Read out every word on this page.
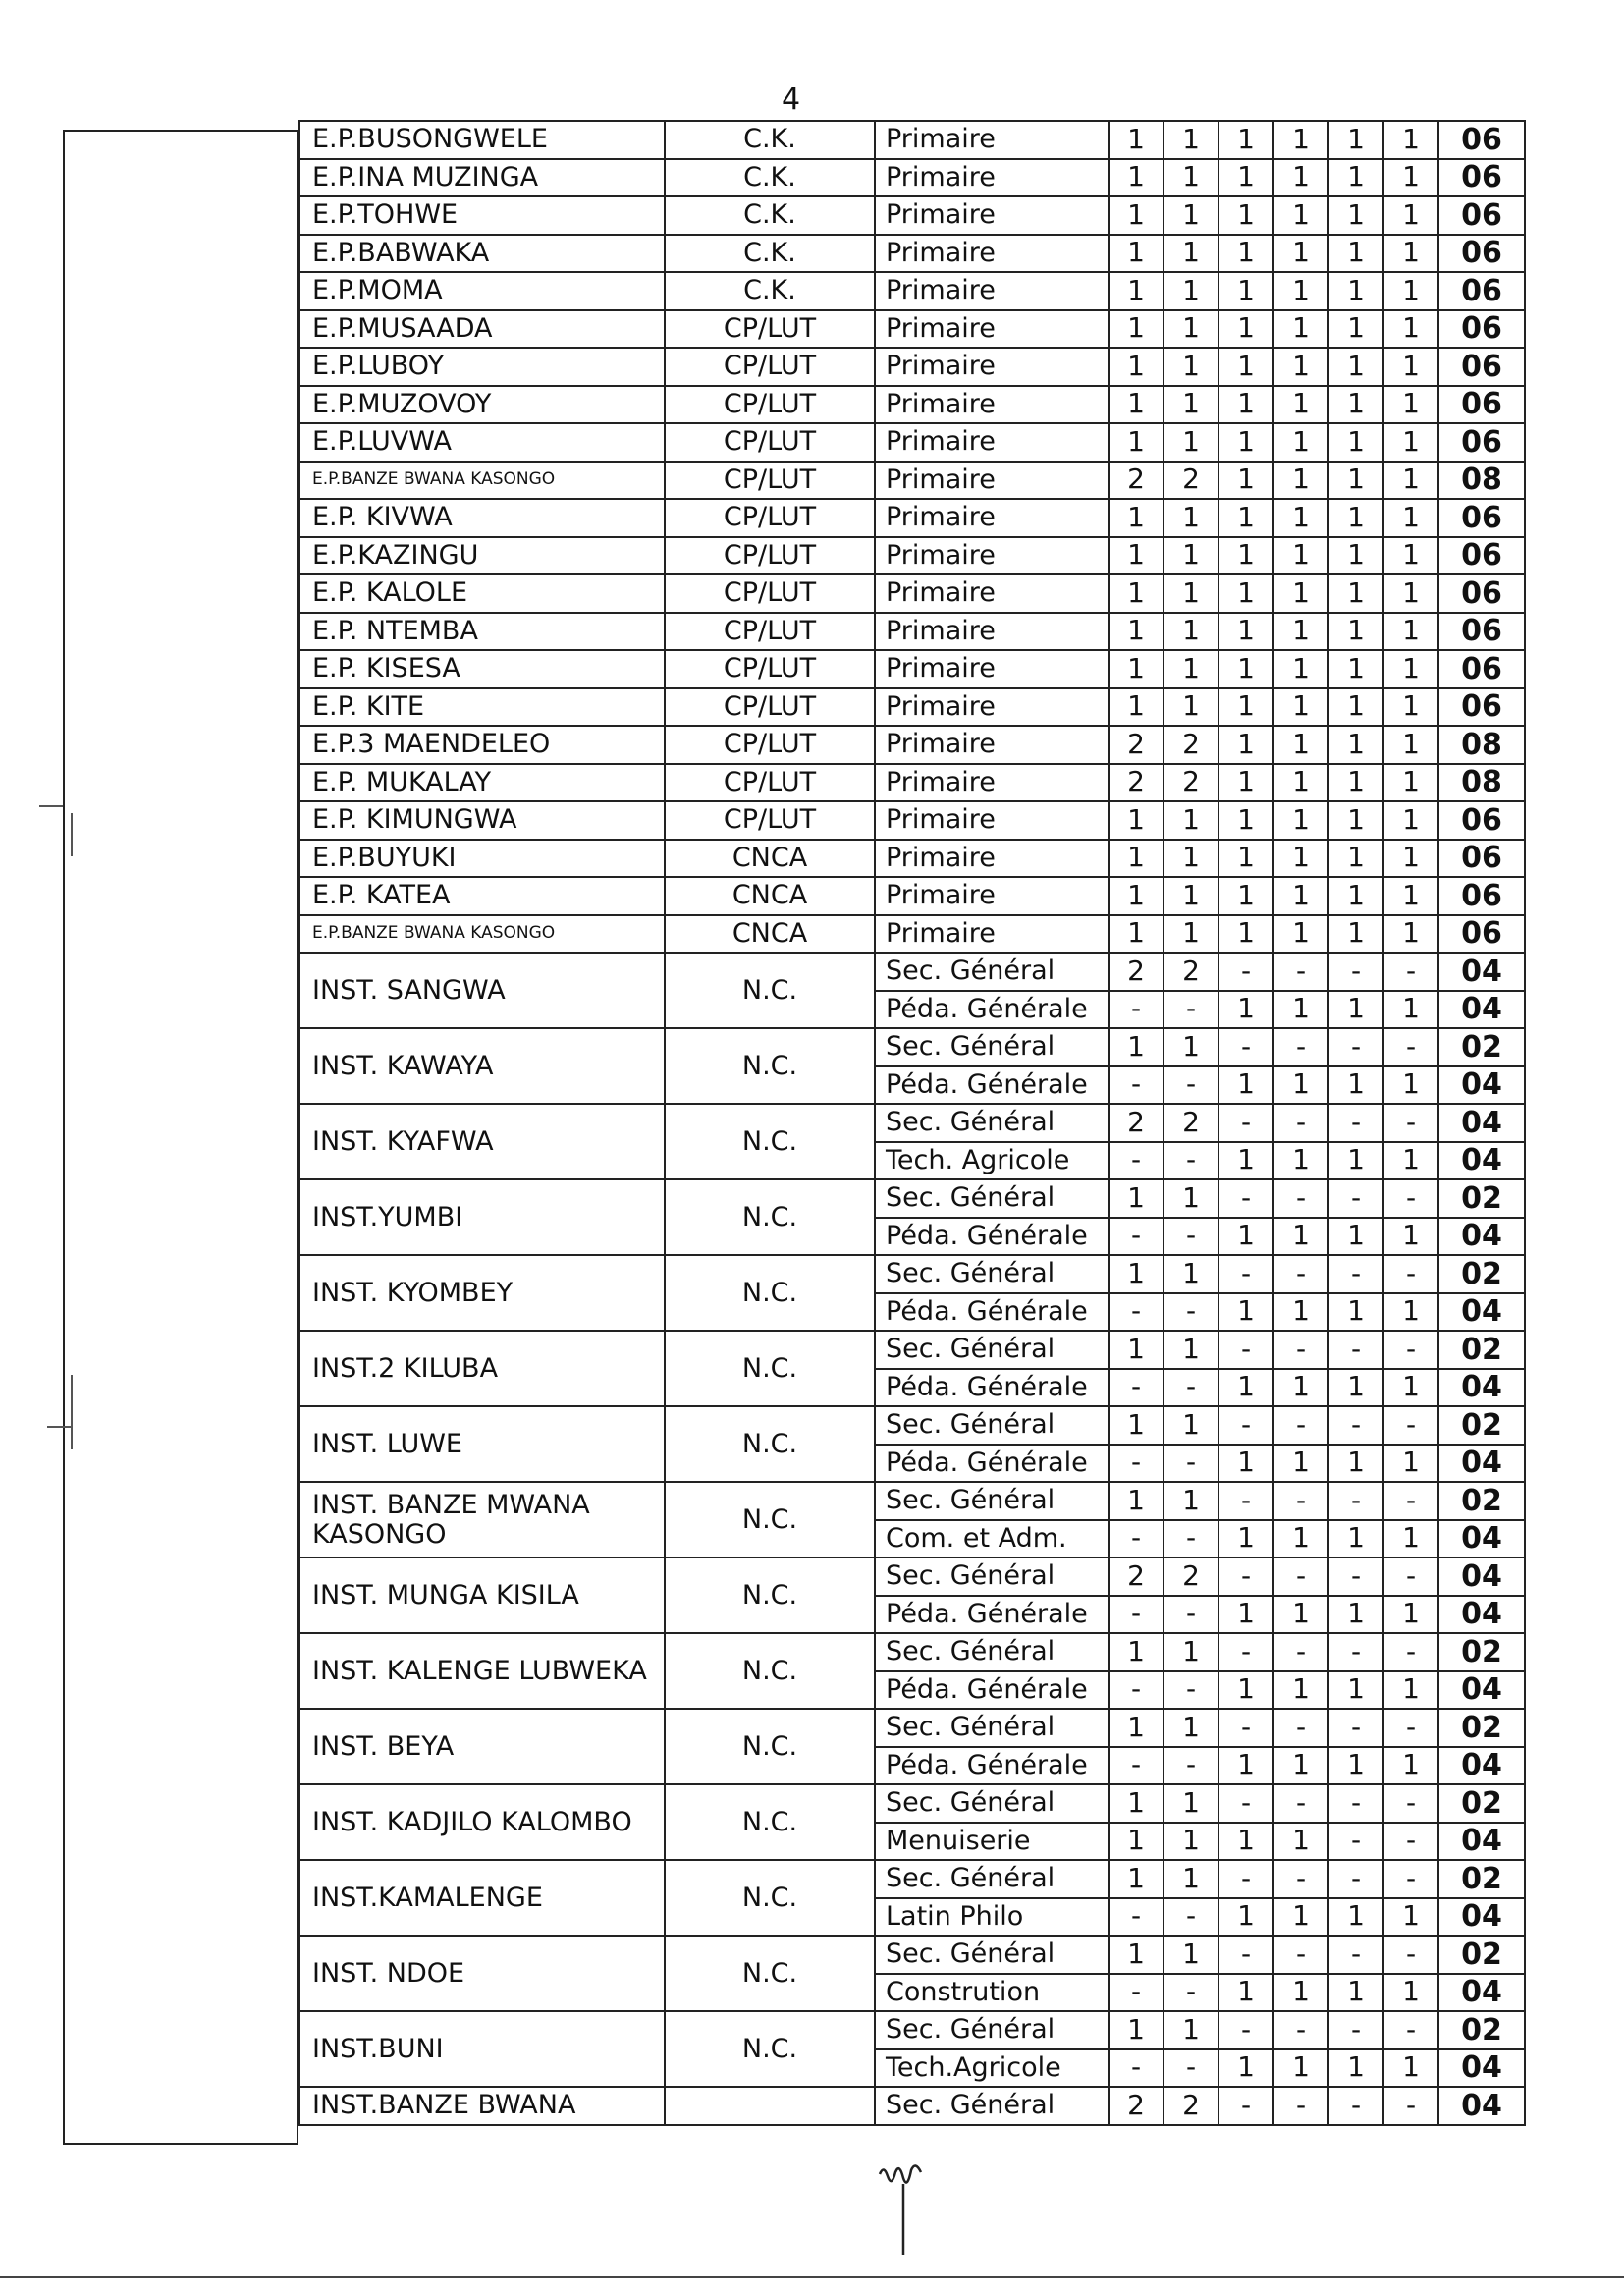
4
E.P.BUSONGWELE	C.K.	Primaire	1	1	1	1	1	1	06
E.P.INA MUZINGA	C.K.	Primaire	1	1	1	1	1	1	06
E.P.TOHWE	C.K.	Primaire	1	1	1	1	1	1	06
E.P.BABWAKA	C.K.	Primaire	1	1	1	1	1	1	06
E.P.MOMA	C.K.	Primaire	1	1	1	1	1	1	06
E.P.MUSAADA	CP/LUT	Primaire	1	1	1	1	1	1	06
E.P.LUBOY	CP/LUT	Primaire	1	1	1	1	1	1	06
E.P.MUZOVOY	CP/LUT	Primaire	1	1	1	1	1	1	06
E.P.LUVWA	CP/LUT	Primaire	1	1	1	1	1	1	06
E.P.BANZE BWANA KASONGO	CP/LUT	Primaire	2	2	1	1	1	1	08
E.P. KIVWA	CP/LUT	Primaire	1	1	1	1	1	1	06
E.P.KAZINGU	CP/LUT	Primaire	1	1	1	1	1	1	06
E.P. KALOLE	CP/LUT	Primaire	1	1	1	1	1	1	06
E.P. NTEMBA	CP/LUT	Primaire	1	1	1	1	1	1	06
E.P. KISESA	CP/LUT	Primaire	1	1	1	1	1	1	06
E.P. KITE	CP/LUT	Primaire	1	1	1	1	1	1	06
E.P.3 MAENDELEO	CP/LUT	Primaire	2	2	1	1	1	1	08
E.P. MUKALAY	CP/LUT	Primaire	2	2	1	1	1	1	08
E.P. KIMUNGWA	CP/LUT	Primaire	1	1	1	1	1	1	06
E.P.BUYUKI	CNCA	Primaire	1	1	1	1	1	1	06
E.P. KATEA	CNCA	Primaire	1	1	1	1	1	1	06
E.P.BANZE BWANA KASONGO	CNCA	Primaire	1	1	1	1	1	1	06
INST. SANGWA	N.C.	Sec. Général	2	2	-	-	-	-	04
		Péda. Générale	-	-	1	1	1	1	04
INST. KAWAYA	N.C.	Sec. Général	1	1	-	-	-	-	02
		Péda. Générale	-	-	1	1	1	1	04
INST. KYAFWA	N.C.	Sec. Général	2	2	-	-	-	-	04
		Tech. Agricole	-	-	1	1	1	1	04
INST.YUMBI	N.C.	Sec. Général	1	1	-	-	-	-	02
		Péda. Générale	-	-	1	1	1	1	04
INST. KYOMBEY	N.C.	Sec. Général	1	1	-	-	-	-	02
		Péda. Générale	-	-	1	1	1	1	04
INST.2 KILUBA	N.C.	Sec. Général	1	1	-	-	-	-	02
		Péda. Générale	-	-	1	1	1	1	04
INST. LUWE	N.C.	Sec. Général	1	1	-	-	-	-	02
		Péda. Générale	-	-	1	1	1	1	04
INST. BANZE MWANA KASONGO	N.C.	Sec. Général	1	1	-	-	-	-	02
		Com. et Adm.	-	-	1	1	1	1	04
INST. MUNGA KISILA	N.C.	Sec. Général	2	2	-	-	-	-	04
		Péda. Générale	-	-	1	1	1	1	04
INST. KALENGE LUBWEKA	N.C.	Sec. Général	1	1	-	-	-	-	02
		Péda. Générale	-	-	1	1	1	1	04
INST. BEYA	N.C.	Sec. Général	1	1	-	-	-	-	02
		Péda. Générale	-	-	1	1	1	1	04
INST. KADJILO KALOMBO	N.C.	Sec. Général	1	1	-	-	-	-	02
		Menuiserie	1	1	1	1	-	-	04
INST.KAMALENGE	N.C.	Sec. Général	1	1	-	-	-	-	02
		Latin Philo	-	-	1	1	1	1	04
INST. NDOE	N.C.	Sec. Général	1	1	-	-	-	-	02
		Constrution	-	-	1	1	1	1	04
INST.BUNI	N.C.	Sec. Général	1	1	-	-	-	-	02
		Tech.Agricole	-	-	1	1	1	1	04
INST.BANZE BWANA		Sec. Général	2	2	-	-	-	-	04
